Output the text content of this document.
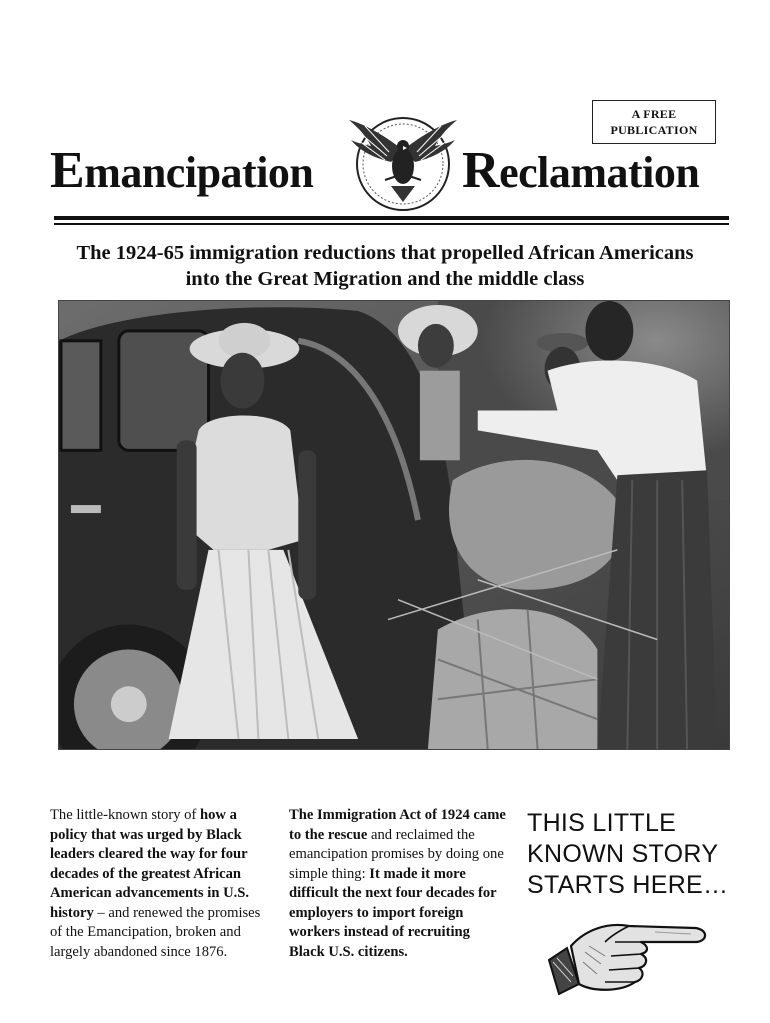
A FREE
PUBLICATION
Emancipation	Reclamation
The 1924-65 immigration reductions that propelled African Americans
into the Great Migration and the middle class
The little-known story of how a policy that was urged by Black leaders cleared the way for four decades of the greatest African American advancements in U.S. history – and renewed the promises of the Emancipation, broken and largely abandoned since 1876.
The Immigration Act of 1924 came to the rescue and reclaimed the emancipation promises by doing one simple thing: It made it more difficult the next four decades for employers to import foreign workers instead of recruiting Black U.S. citizens.
THIS LITTLE
KNOWN STORY
STARTS HERE…
